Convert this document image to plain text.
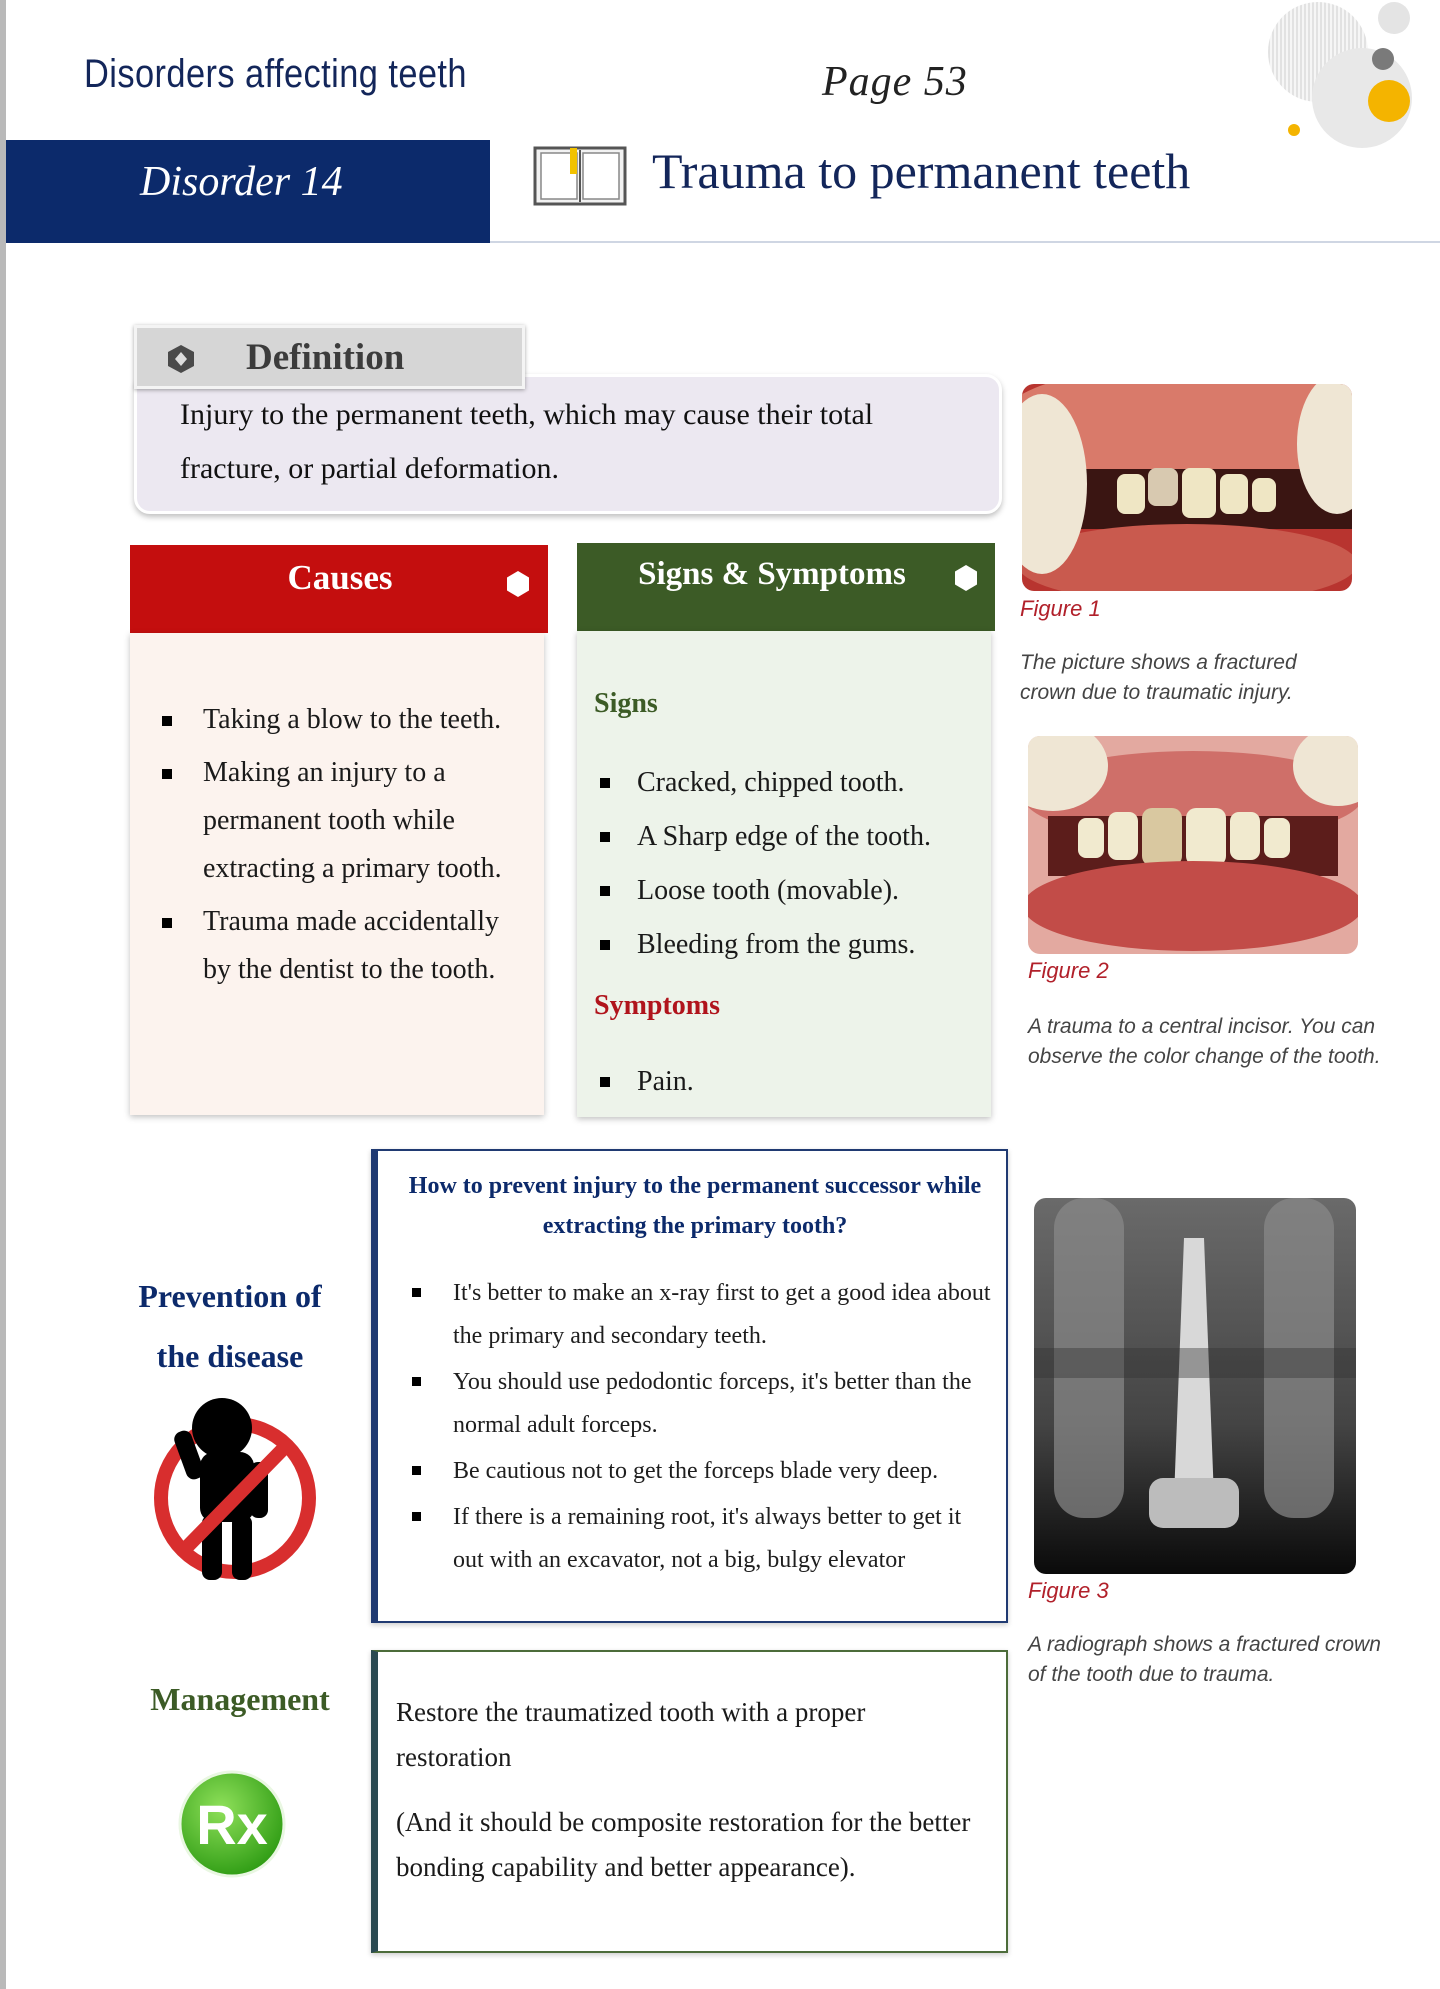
Disorders affecting teeth	Page 53
Disorder 14	Trauma to permanent teeth
Definition
Injury to the permanent teeth, which may cause their total fracture, or partial deformation.
Causes
Taking a blow to the teeth.
Making an injury to a permanent tooth while extracting a primary tooth.
Trauma made accidentally by the dentist to the tooth.
Signs & Symptoms
Signs
Cracked, chipped tooth.
A Sharp edge of the tooth.
Loose tooth (movable).
Bleeding from the gums.
Symptoms
Pain.
Figure 1
The picture shows a fractured crown due to traumatic injury.
Figure 2
A trauma to a central incisor. You can observe the color change of the tooth.
Figure 3
A radiograph shows a fractured crown of the tooth due to trauma.
Prevention of
the disease
How to prevent injury to the permanent successor while extracting the primary tooth?
It's better to make an x-ray first to get a good idea about the primary and secondary teeth.
You should use pedodontic forceps, it's better than the normal adult forceps.
Be cautious not to get the forceps blade very deep.
If there is a remaining root, it's always better to get it out with an excavator, not a big, bulgy elevator
Management
Rx
Restore the traumatized tooth with a proper restoration
(And it should be composite restoration for the better bonding capability and better appearance).
